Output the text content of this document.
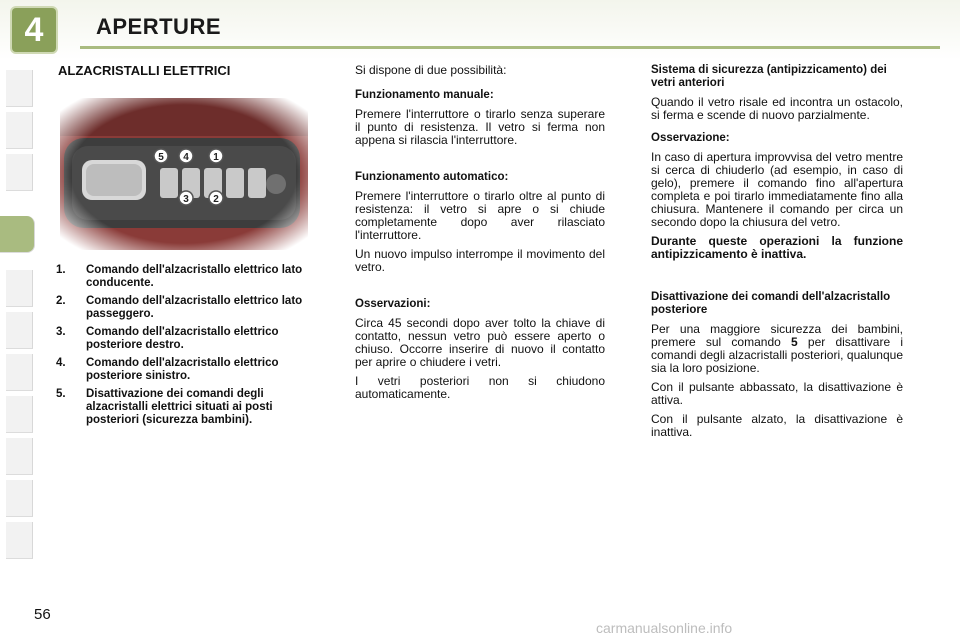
4	APERTURE
ALZACRISTALLI ELETTRICI
1.	Comando dell'alzacristallo elettrico lato conducente.
2.	Comando dell'alzacristallo elettrico lato passeggero.
3.	Comando dell'alzacristallo elettrico posteriore destro.
4.	Comando dell'alzacristallo elettrico posteriore sinistro.
5.	Disattivazione dei comandi degli alzacristalli elettrici situati ai posti posteriori (sicurezza bambini).

Si dispone di due possibilità:

Funzionamento manuale:

Premere l'interruttore o tirarlo senza superare il punto di resistenza. Il vetro si ferma non appena si rilascia l'interruttore.

Funzionamento automatico:

Premere l'interruttore o tirarlo oltre al punto di resistenza: il vetro si apre o si chiude completamente dopo aver rilasciato l'interruttore.

Un nuovo impulso interrompe il movimento del vetro.

Osservazioni:

Circa 45 secondi dopo aver tolto la chiave di contatto, nessun vetro può essere aperto o chiuso. Occorre inserire di nuovo il contatto per aprire o chiudere i vetri.

I vetri posteriori non si chiudono automaticamente.

Sistema di sicurezza (antipizzicamento) dei vetri anteriori

Quando il vetro risale ed incontra un ostacolo, si ferma e scende di nuovo parzialmente.

Osservazione:

In caso di apertura improvvisa del vetro mentre si cerca di chiuderlo (ad esempio, in caso di gelo), premere il comando fino all'apertura completa e poi tirarlo immediatamente fino alla chiusura. Mantenere il comando per circa un secondo dopo la chiusura del vetro.

Durante queste operazioni la funzione antipizzicamento è inattiva.

Disattivazione dei comandi dell'alzacristallo posteriore

Per una maggiore sicurezza dei bambini, premere sul comando 5 per disattivare i comandi degli alzacristalli posteriori, qualunque sia la loro posizione.

Con il pulsante abbassato, la disattivazione è attiva.

Con il pulsante alzato, la disattivazione è inattiva.

56
carmanualsonline.info
